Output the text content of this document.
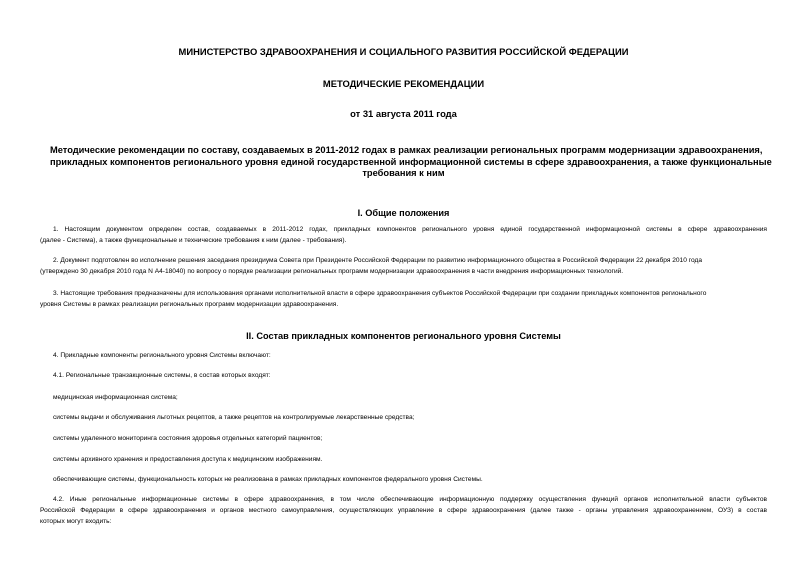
МИНИСТЕРСТВО ЗДРАВООХРАНЕНИЯ И СОЦИАЛЬНОГО РАЗВИТИЯ РОССИЙСКОЙ ФЕДЕРАЦИИ
МЕТОДИЧЕСКИЕ РЕКОМЕНДАЦИИ
от 31 августа 2011 года
Методические рекомендации по составу, создаваемых в 2011-2012 годах в рамках реализации региональных программ модернизации здравоохранения,
прикладных компонентов регионального уровня единой государственной информационной системы в сфере здравоохранения, а также функциональные
требования к ним
I. Общие положения
1. Настоящим документом определен состав, создаваемых в 2011-2012 годах, прикладных компонентов регионального уровня единой государственной информационной системы в сфере здравоохранения
(далее - Система), а также функциональные и технические требования к ним (далее - требования).
2. Документ подготовлен во исполнение решения заседания президиума Совета при Президенте Российской Федерации по развитию информационного общества в Российской Федерации 22 декабря 2010 года
(утверждено 30 декабря 2010 года N А4-18040) по вопросу о порядке реализации региональных программ модернизации здравоохранения в части внедрения информационных технологий.
3. Настоящие требования предназначены для использования органами исполнительной власти в сфере здравоохранения субъектов Российской Федерации при создании прикладных компонентов регионального
уровня Системы в рамках реализации региональных программ модернизации здравоохранения.
II. Состав прикладных компонентов регионального уровня Системы
4. Прикладные компоненты регионального уровня Системы включают:
4.1. Региональные транзакционные системы, в состав которых входят:
медицинская информационная система;
системы выдачи и обслуживания льготных рецептов, а также рецептов на контролируемые лекарственные средства;
системы удаленного мониторинга состояния здоровья отдельных категорий пациентов;
системы архивного хранения и предоставления доступа к медицинским изображениям.
обеспечивающие системы, функциональность которых не реализована в рамках прикладных компонентов федерального уровня Системы.
4.2. Иные региональные информационные системы в сфере здравоохранения, в том числе обеспечивающие информационную поддержку осуществления функций органов исполнительной власти субъектов
Российской Федерации в сфере здравоохранения и органов местного самоуправления, осуществляющих управление в сфере здравоохранения (далее также - органы управления здравоохранением, ОУЗ) в состав
которых могут входить:
